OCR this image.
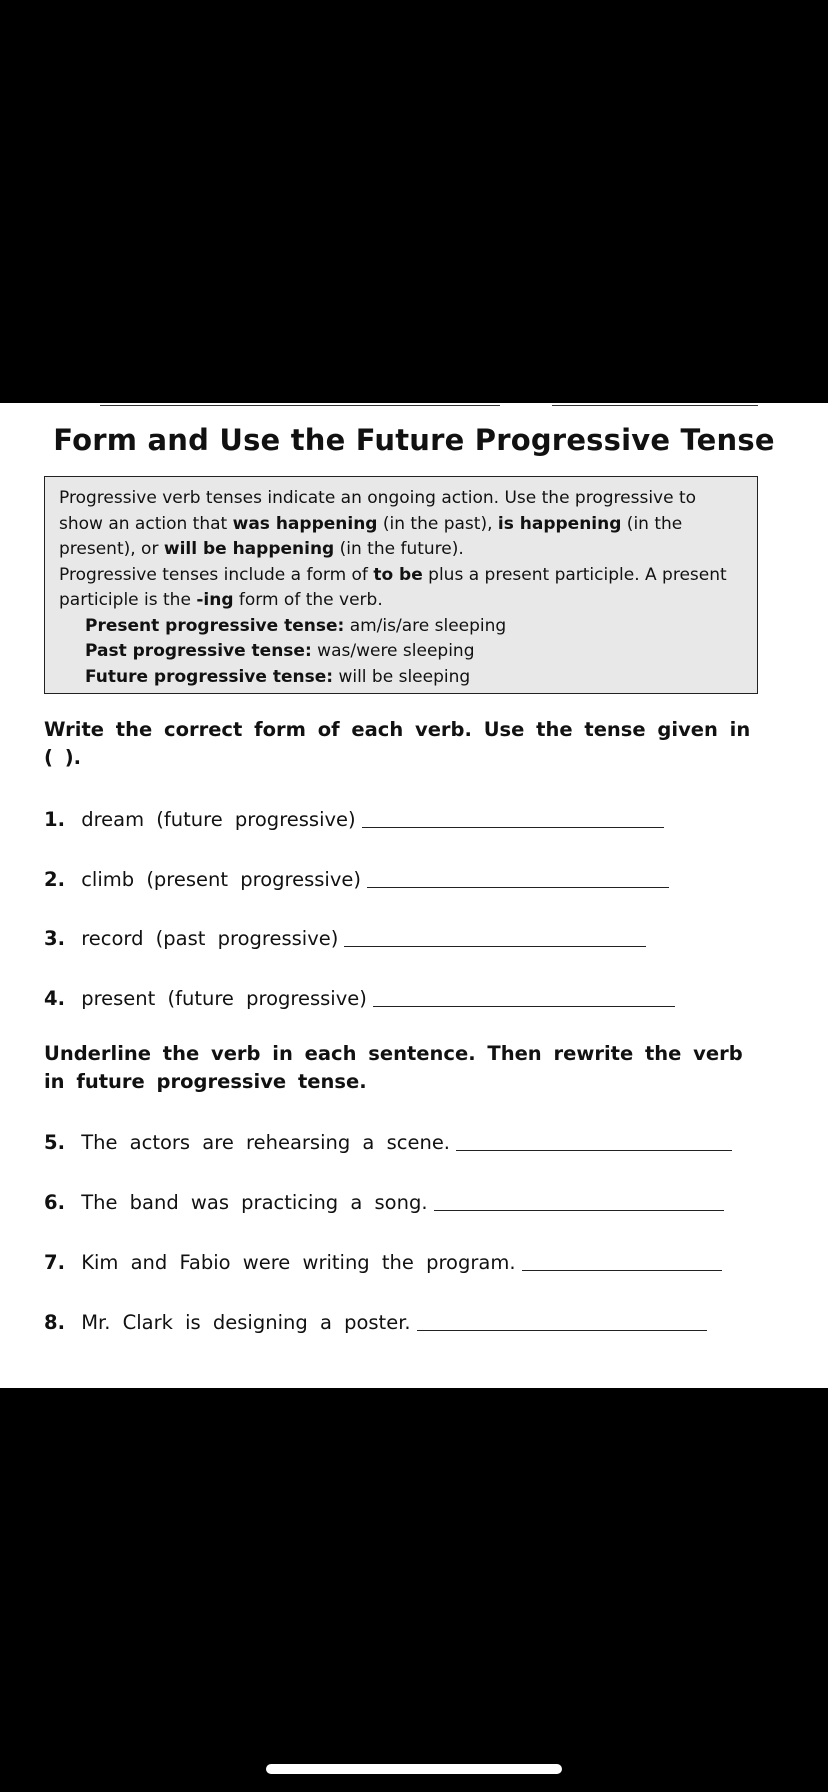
Form and Use the Future Progressive Tense

Progressive verb tenses indicate an ongoing action. Use the progressive to show an action that was happening (in the past), is happening (in the present), or will be happening (in the future).

Progressive tenses include a form of to be plus a present participle. A present participle is the -ing form of the verb.

Present progressive tense: am/is/are sleeping

Past progressive tense: was/were sleeping

Future progressive tense: will be sleeping

Write the correct form of each verb. Use the tense given in ( ).
1. dream (future progressive)
2. climb (present progressive)
3. record (past progressive)
4. present (future progressive)
Underline the verb in each sentence. Then rewrite the verb in future progressive tense.
5. The actors are rehearsing a scene.
6. The band was practicing a song.
7. Kim and Fabio were writing the program.
8. Mr. Clark is designing a poster.
